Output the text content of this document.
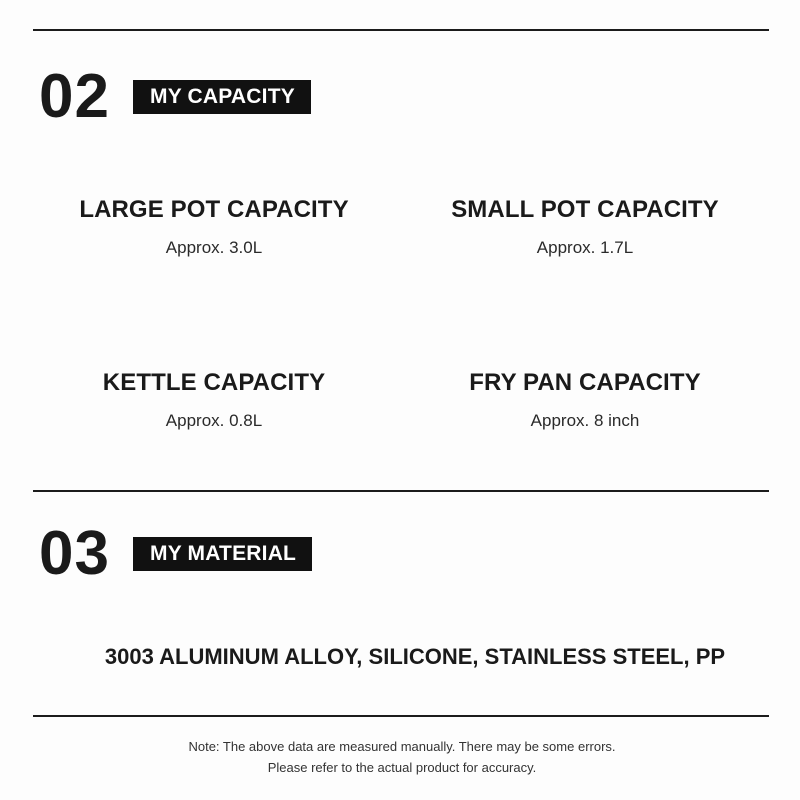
02	MY CAPACITY
LARGE POT CAPACITY
Approx. 3.0L
SMALL POT CAPACITY
Approx. 1.7L
KETTLE CAPACITY
Approx. 0.8L
FRY PAN CAPACITY
Approx. 8 inch
03	MY MATERIAL
3003 ALUMINUM ALLOY, SILICONE, STAINLESS STEEL, PP
Note: The above data are measured manually. There may be some errors.
Please refer to the actual product for accuracy.
